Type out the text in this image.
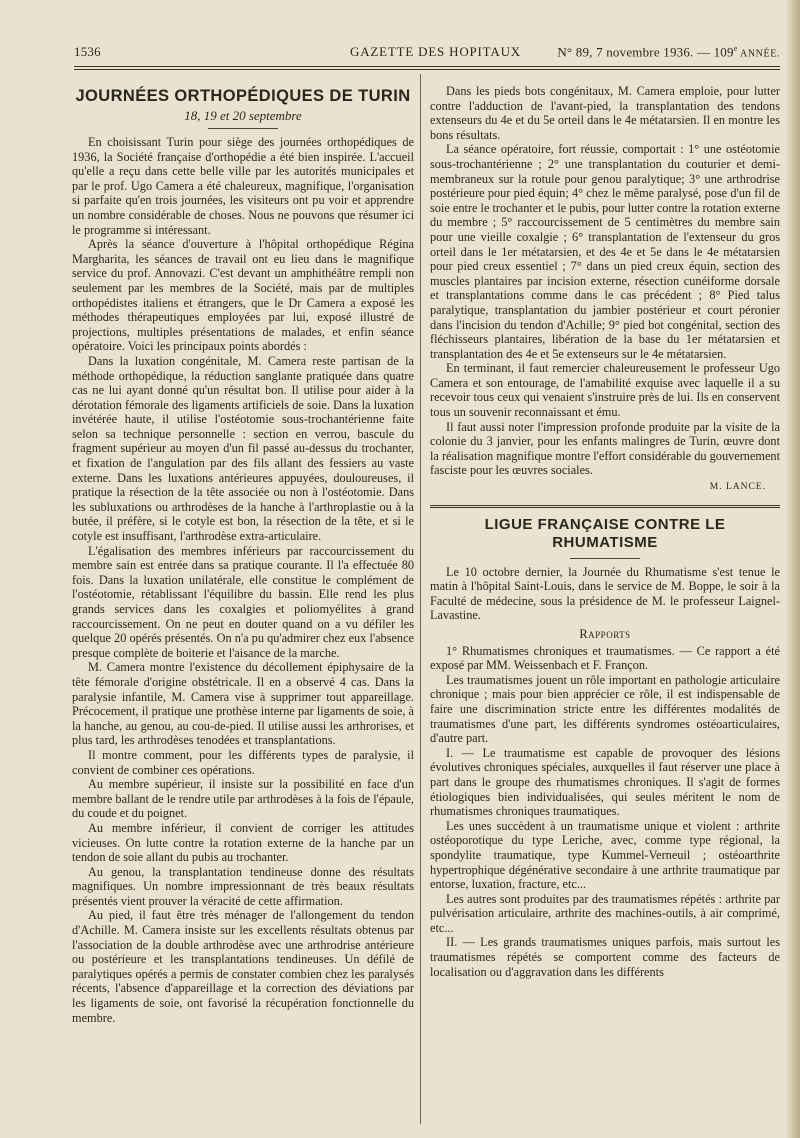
1536	GAZETTE DES HOPITAUX	N° 89, 7 novembre 1936. — 109e ANNÉE.
JOURNÉES ORTHOPÉDIQUES DE TURIN
18, 19 et 20 septembre

En choisissant Turin pour siège des journées orthopédiques de 1936, la Société française d'orthopédie a été bien inspirée. L'accueil qu'elle a reçu dans cette belle ville par les autorités municipales et par le prof. Ugo Camera a été chaleureux, magnifique, l'organisation si parfaite qu'en trois journées, les visiteurs ont pu voir et apprendre un nombre considérable de choses. Nous ne pouvons que résumer ici le programme si intéressant.

Après la séance d'ouverture à l'hôpital orthopédique Régina Margharita, les séances de travail ont eu lieu dans le magnifique service du prof. Annovazi. C'est devant un amphithéâtre rempli non seulement par les membres de la Société, mais par de multiples orthopédistes italiens et étrangers, que le Dr Camera a exposé les méthodes thérapeutiques employées par lui, exposé illustré de projections, multiples présentations de malades, et enfin séance opératoire. Voici les principaux points abordés :

Dans la luxation congénitale, M. Camera reste partisan de la méthode orthopédique, la réduction sanglante pratiquée dans quatre cas ne lui ayant donné qu'un résultat bon. Il utilise pour aider à la dérotation fémorale des ligaments artificiels de soie. Dans la luxation invétérée haute, il utilise l'ostéotomie sous-trochantérienne faite selon sa technique personnelle : section en verrou, bascule du fragment supérieur au moyen d'un fil passé au-dessus du trochanter, et fixation de l'angulation par des fils allant des fessiers au vaste externe. Dans les luxations antérieures appuyées, douloureuses, il pratique la résection de la tête associée ou non à l'ostéotomie. Dans les subluxations ou arthrodèses de la hanche à l'arthroplastie ou à la butée, il préfère, si le cotyle est bon, la résection de la tête, et si le cotyle est insuffisant, l'arthrodèse extra-articulaire.

L'égalisation des membres inférieurs par raccourcissement du membre sain est entrée dans sa pratique courante. Il l'a effectuée 80 fois. Dans la luxation unilatérale, elle constitue le complément de l'ostéotomie, rétablissant l'équilibre du bassin. Elle rend les plus grands services dans les coxalgies et poliomyélites à grand raccourcissement. On ne peut en douter quand on a vu défiler les quelque 20 opérés présentés. On n'a pu qu'admirer chez eux l'absence presque complète de boiterie et l'aisance de la marche.

M. Camera montre l'existence du décollement épiphysaire de la tête fémorale d'origine obstétricale. Il en a observé 4 cas. Dans la paralysie infantile, M. Camera vise à supprimer tout appareillage. Précocement, il pratique une prothèse interne par ligaments de soie, à la hanche, au genou, au cou-de-pied. Il utilise aussi les arthrorises, et plus tard, les arthrodèses tenodées et transplantations.

Il montre comment, pour les différents types de paralysie, il convient de combiner ces opérations.

Au membre supérieur, il insiste sur la possibilité en face d'un membre ballant de le rendre utile par arthrodèses à la fois de l'épaule, du coude et du poignet.

Au membre inférieur, il convient de corriger les attitudes vicieuses. On lutte contre la rotation externe de la hanche par un tendon de soie allant du pubis au trochanter.

Au genou, la transplantation tendineuse donne des résultats magnifiques. Un nombre impressionnant de très beaux résultats présentés vient prouver la véracité de cette affirmation.

Au pied, il faut être très ménager de l'allongement du tendon d'Achille. M. Camera insiste sur les excellents résultats obtenus par l'association de la double arthrodèse avec une arthrodrise antérieure ou postérieure et les transplantations tendineuses. Un défilé de paralytiques opérés a permis de constater combien chez les paralysés récents, l'absence d'appareillage et la correction des déviations par les ligaments de soie, ont favorisé la récupération fonctionnelle du membre.

Dans les pieds bots congénitaux, M. Camera emploie, pour lutter contre l'adduction de l'avant-pied, la transplantation des tendons extenseurs du 4e et du 5e orteil dans le 4e métatarsien. Il en montre les bons résultats.

La séance opératoire, fort réussie, comportait : 1° une ostéotomie sous-trochantérienne ; 2° une transplantation du couturier et demi-membraneux sur la rotule pour genou paralytique; 3° une arthrodrise postérieure pour pied équin; 4° chez le même paralysé, pose d'un fil de soie entre le trochanter et le pubis, pour lutter contre la rotation externe du membre ; 5° raccourcissement de 5 centimètres du membre sain pour une vieille coxalgie ; 6° transplantation de l'extenseur du gros orteil dans le 1er métatarsien, et des 4e et 5e dans le 4e métatarsien pour pied creux essentiel ; 7° dans un pied creux équin, section des muscles plantaires par incision externe, résection cunéiforme dorsale et transplantations comme dans le cas précédent ; 8° Pied talus paralytique, transplantation du jambier postérieur et court péronier dans l'incision du tendon d'Achille; 9° pied bot congénital, section des fléchisseurs plantaires, libération de la base du 1er métatarsien et transplantation des 4e et 5e extenseurs sur le 4e métatarsien.

En terminant, il faut remercier chaleureusement le professeur Ugo Camera et son entourage, de l'amabilité exquise avec laquelle il a su recevoir tous ceux qui venaient s'instruire près de lui. Ils en conservent tous un souvenir reconnaissant et ému.

Il faut aussi noter l'impression profonde produite par la visite de la colonie du 3 janvier, pour les enfants malingres de Turin, œuvre dont la réalisation magnifique montre l'effort considérable du gouvernement fasciste pour les œuvres sociales.

M. LANCE.
LIGUE FRANÇAISE CONTRE LE RHUMATISME

Le 10 octobre dernier, la Journée du Rhumatisme s'est tenue le matin à l'hôpital Saint-Louis, dans le service de M. Boppe, le soir à la Faculté de médecine, sous la présidence de M. le professeur Laignel-Lavastine.

Rapports

1° Rhumatismes chroniques et traumatismes. — Ce rapport a été exposé par MM. Weissenbach et F. Françon.

Les traumatismes jouent un rôle important en pathologie articulaire chronique ; mais pour bien apprécier ce rôle, il est indispensable de faire une discrimination stricte entre les différentes modalités de traumatismes d'une part, les différents syndromes ostéoarticulaires, d'autre part.

I. — Le traumatisme est capable de provoquer des lésions évolutives chroniques spéciales, auxquelles il faut réserver une place à part dans le groupe des rhumatismes chroniques. Il s'agit de formes étiologiques bien individualisées, qui seules méritent le nom de rhumatismes chroniques traumatiques.

Les unes succèdent à un traumatisme unique et violent : arthrite ostéoporotique du type Leriche, avec, comme type régional, la spondylite traumatique, type Kummel-Verneuil ; ostéoarthrite hypertrophique dégénérative secondaire à une arthrite traumatique par entorse, luxation, fracture, etc...

Les autres sont produites par des traumatismes répétés : arthrite par pulvérisation articulaire, arthrite des machines-outils, à air comprimé, etc...

II. — Les grands traumatismes uniques parfois, mais surtout les traumatismes répétés se comportent comme des facteurs de localisation ou d'aggravation dans les différents
